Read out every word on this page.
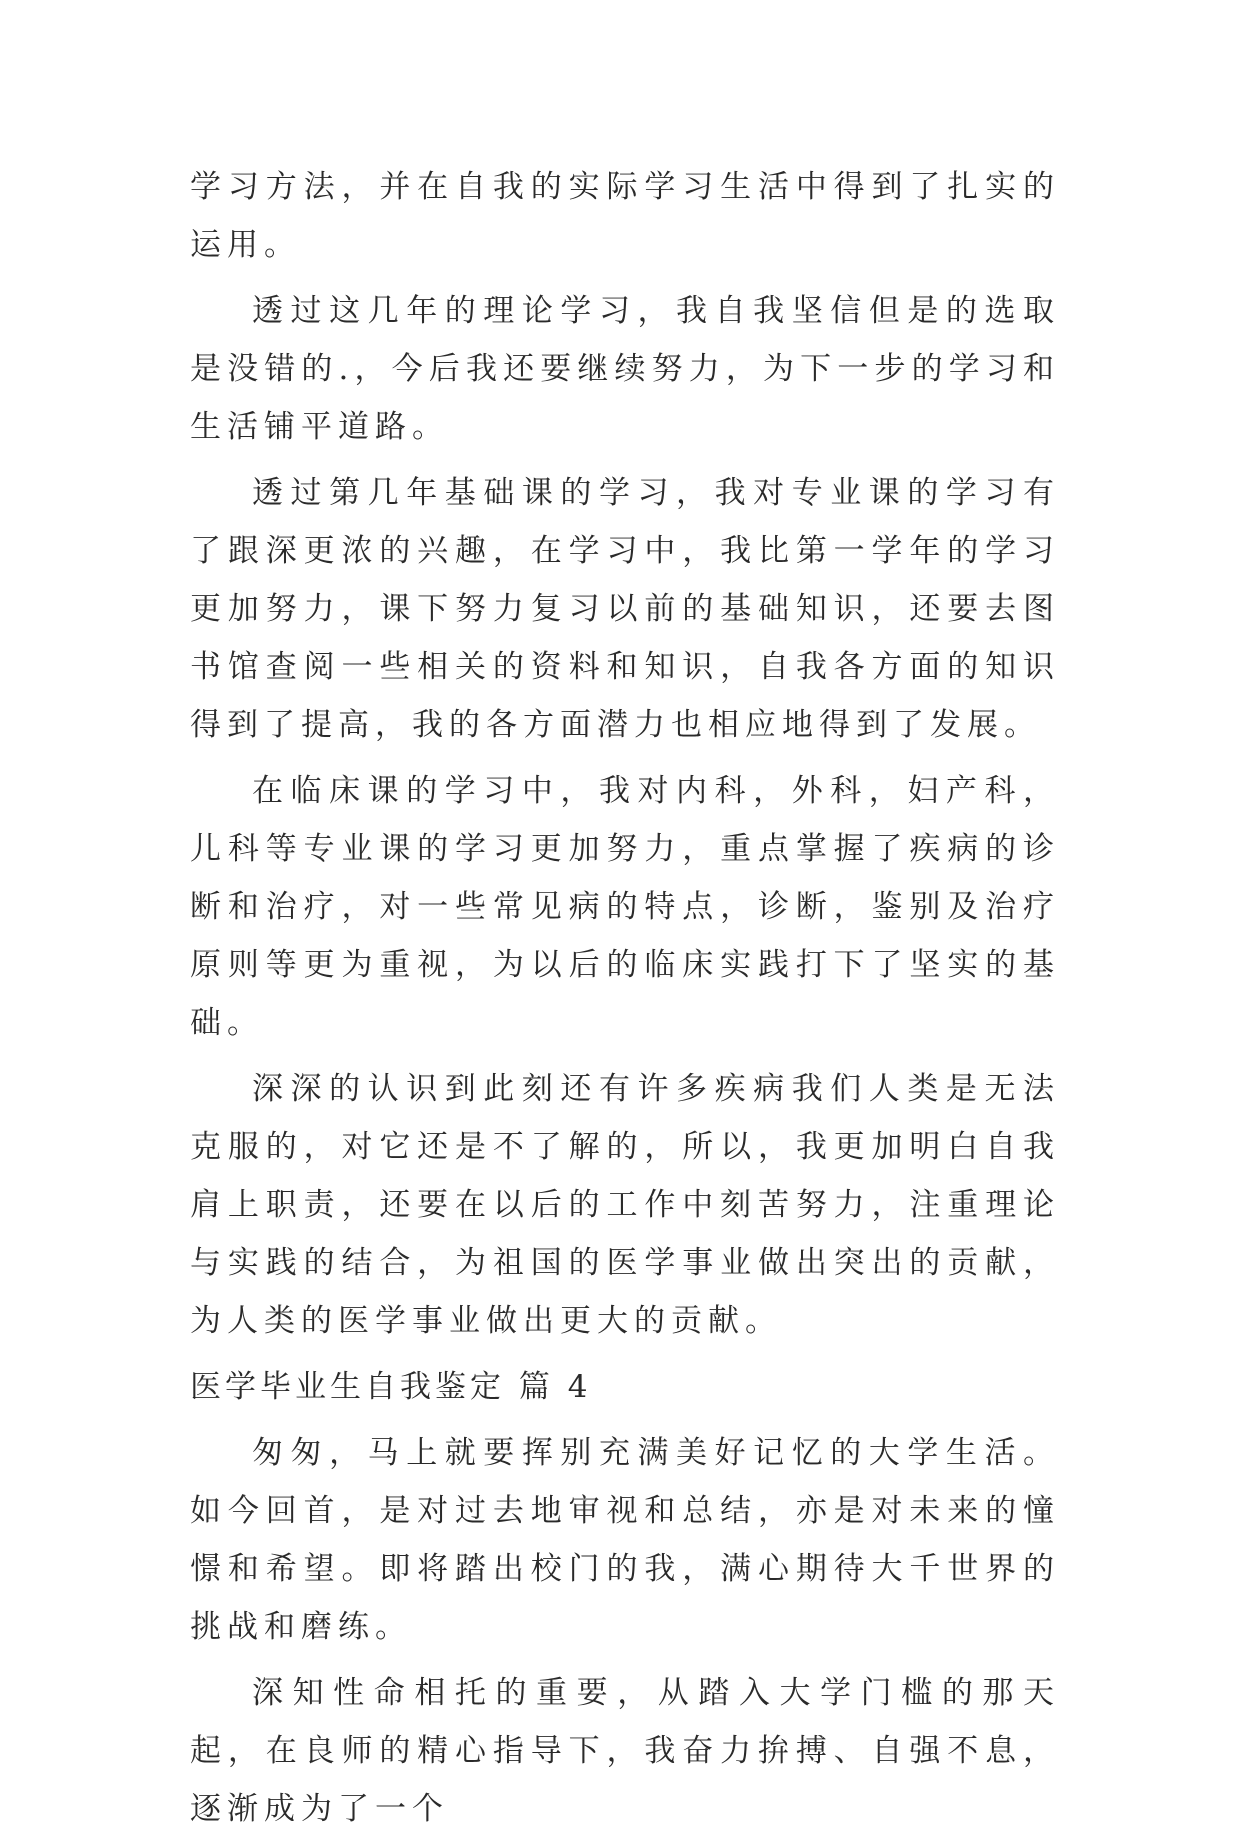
学习方法，并在自我的实际学习生活中得到了扎实的运用。

透过这几年的理论学习，我自我坚信但是的选取是没错的.，今后我还要继续努力，为下一步的学习和生活铺平道路。

透过第几年基础课的学习，我对专业课的学习有了跟深更浓的兴趣，在学习中，我比第一学年的学习更加努力，课下努力复习以前的基础知识，还要去图书馆查阅一些相关的资料和知识，自我各方面的知识得到了提高，我的各方面潜力也相应地得到了发展。

在临床课的学习中，我对内科，外科，妇产科，儿科等专业课的学习更加努力，重点掌握了疾病的诊断和治疗，对一些常见病的特点，诊断，鉴别及治疗原则等更为重视，为以后的临床实践打下了坚实的基础。

深深的认识到此刻还有许多疾病我们人类是无法克服的，对它还是不了解的，所以，我更加明白自我肩上职责，还要在以后的工作中刻苦努力，注重理论与实践的结合，为祖国的医学事业做出突出的贡献，为人类的医学事业做出更大的贡献。

医学毕业生自我鉴定 篇 4

匆匆，马上就要挥别充满美好记忆的大学生活。如今回首，是对过去地审视和总结，亦是对未来的憧憬和希望。即将踏出校门的我，满心期待大千世界的挑战和磨练。

深知性命相托的重要，从踏入大学门槛的那天起，在良师的精心指导下，我奋力拚搏、自强不息，逐渐成为了一个
